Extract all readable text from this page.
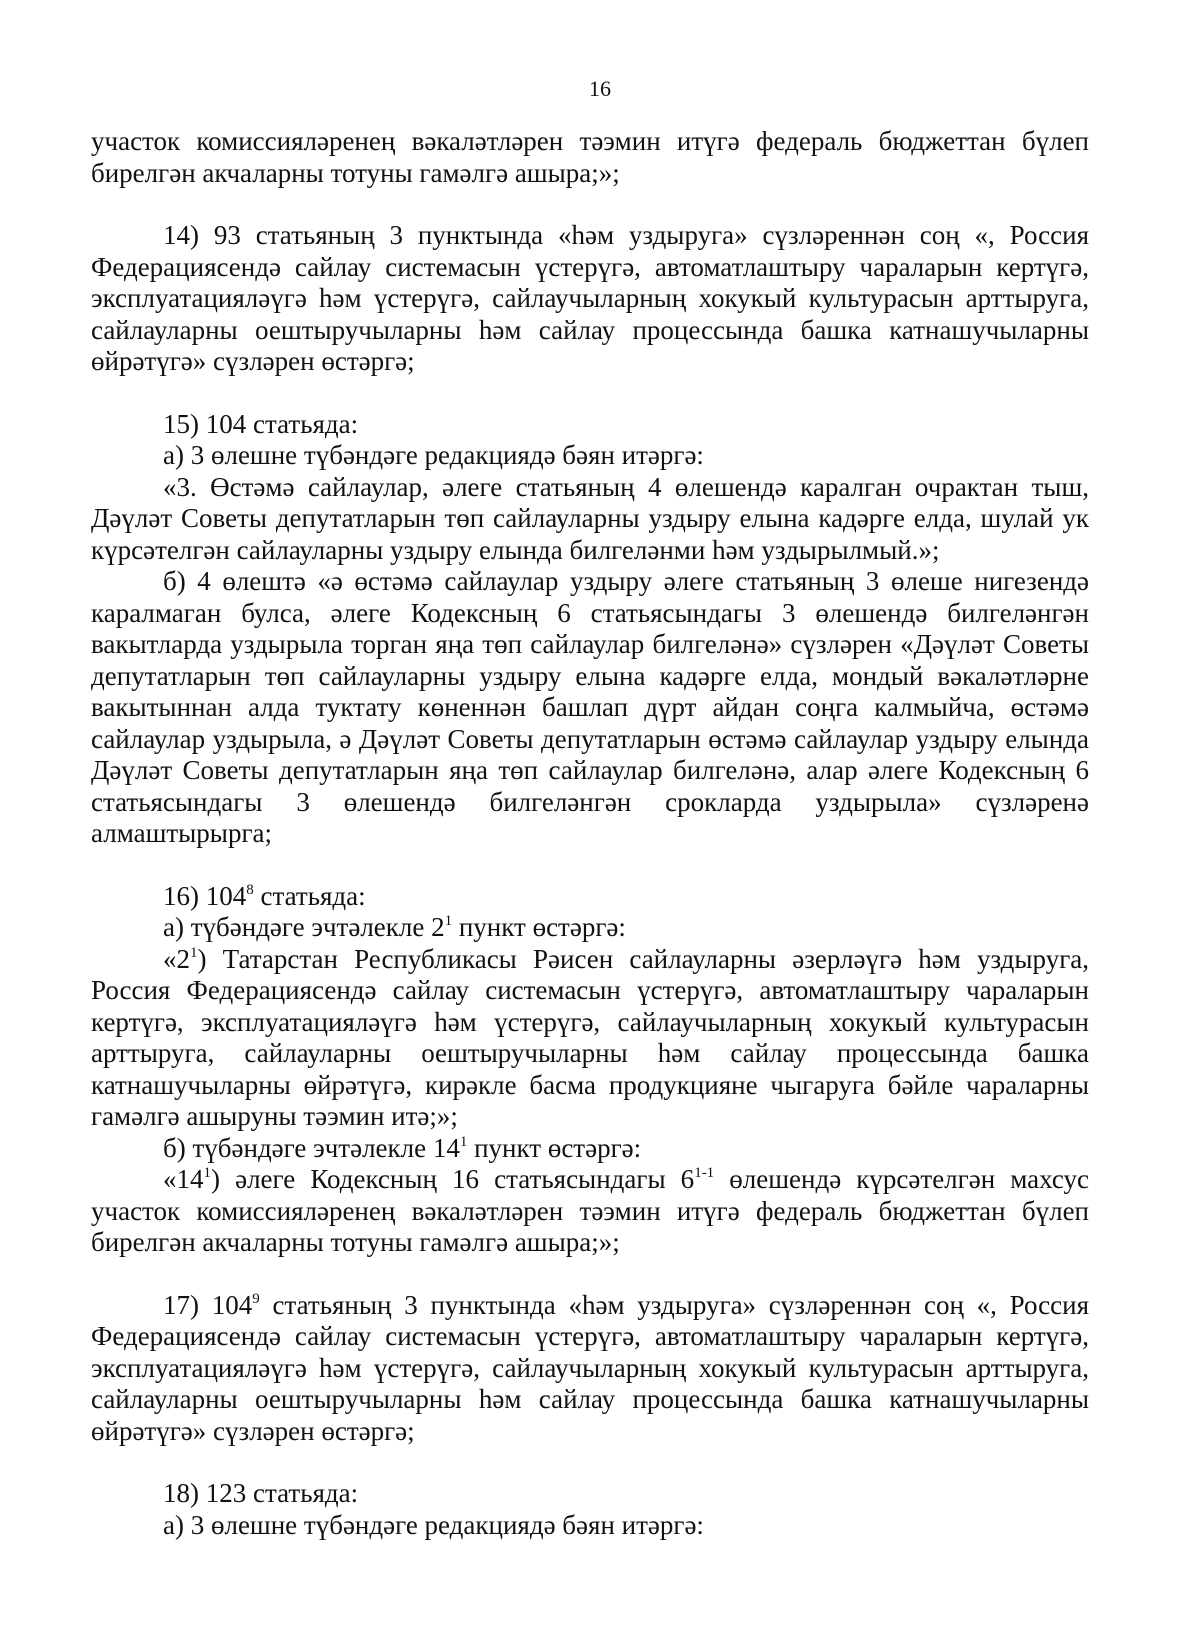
16

участок комиссияләренең вәкаләтләрен тәэмин итүгә федераль бюджеттан бүлеп бирелгән акчаларны тотуны гамәлгә ашыра;»;

14) 93 статьяның 3 пунктында «һәм уздыруга» сүзләреннән соң «, Россия Федерациясендә сайлау системасын үстерүгә, автоматлаштыру чараларын кертүгә, эксплуатацияләүгә һәм үстерүгә, сайлаучыларның хокукый культурасын арттыруга, сайлауларны оештыручыларны һәм сайлау процессында башка катнашучыларны өйрәтүгә» сүзләрен өстәргә;

15) 104 статьяда:

а) 3 өлешне түбәндәге редакциядә бәян итәргә:

«3. Өстәмә сайлаулар, әлеге статьяның 4 өлешендә каралган очрактан тыш, Дәүләт Советы депутатларын төп сайлауларны уздыру елына кадәрге елда, шулай ук күрсәтелгән сайлауларны уздыру елында билгеләнми һәм уздырылмый.»;

б) 4 өлештә «ә өстәмә сайлаулар уздыру әлеге статьяның 3 өлеше нигезендә каралмаган булса, әлеге Кодексның 6 статьясындагы 3 өлешендә билгеләнгән вакытларда уздырыла торган яңа төп сайлаулар билгеләнә» сүзләрен «Дәүләт Советы депутатларын төп сайлауларны уздыру елына кадәрге елда, мондый вәкаләтләрне вакытыннан алда туктату көненнән башлап дүрт айдан соңга калмыйча, өстәмә сайлаулар уздырыла, ә Дәүләт Советы депутатларын өстәмә сайлаулар уздыру елында Дәүләт Советы депутатларын яңа төп сайлаулар билгеләнә, алар әлеге Кодексның 6 статьясындагы 3 өлешендә билгеләнгән срокларда уздырыла» сүзләренә алмаштырырга;

16) $104^8$ статьяда:

а) түбәндәге эчтәлекле $2^1$ пункт өстәргә:

«$2^1$) Татарстан Республикасы Рәисен сайлауларны әзерләүгә һәм уздыруга, Россия Федерациясендә сайлау системасын үстерүгә, автоматлаштыру чараларын кертүгә, эксплуатацияләүгә һәм үстерүгә, сайлаучыларның хокукый культурасын арттыруга, сайлауларны оештыручыларны һәм сайлау процессында башка катнашучыларны өйрәтүгә, кирәкле басма продукцияне чыгаруга бәйле чараларны гамәлгә ашыруны тәэмин итә;»;

б) түбәндәге эчтәлекле $14^1$ пункт өстәргә:

«$14^1$) әлеге Кодексның 16 статьясындагы 6$^{1-1}$ өлешендә күрсәтелгән махсус участок комиссияләренең вәкаләтләрен тәэмин итүгә федераль бюджеттан бүлеп бирелгән акчаларны тотуны гамәлгә ашыра;»;

17) $104^9$ статьяның 3 пунктында «һәм уздыруга» сүзләреннән соң «, Россия Федерациясендә сайлау системасын үстерүгә, автоматлаштыру чараларын кертүгә, эксплуатацияләүгә һәм үстерүгә, сайлаучыларның хокукый культурасын арттыруга, сайлауларны оештыручыларны һәм сайлау процессында башка катнашучыларны өйрәтүгә» сүзләрен өстәргә;

18) 123 статьяда:

а) 3 өлешне түбәндәге редакциядә бәян итәргә:
